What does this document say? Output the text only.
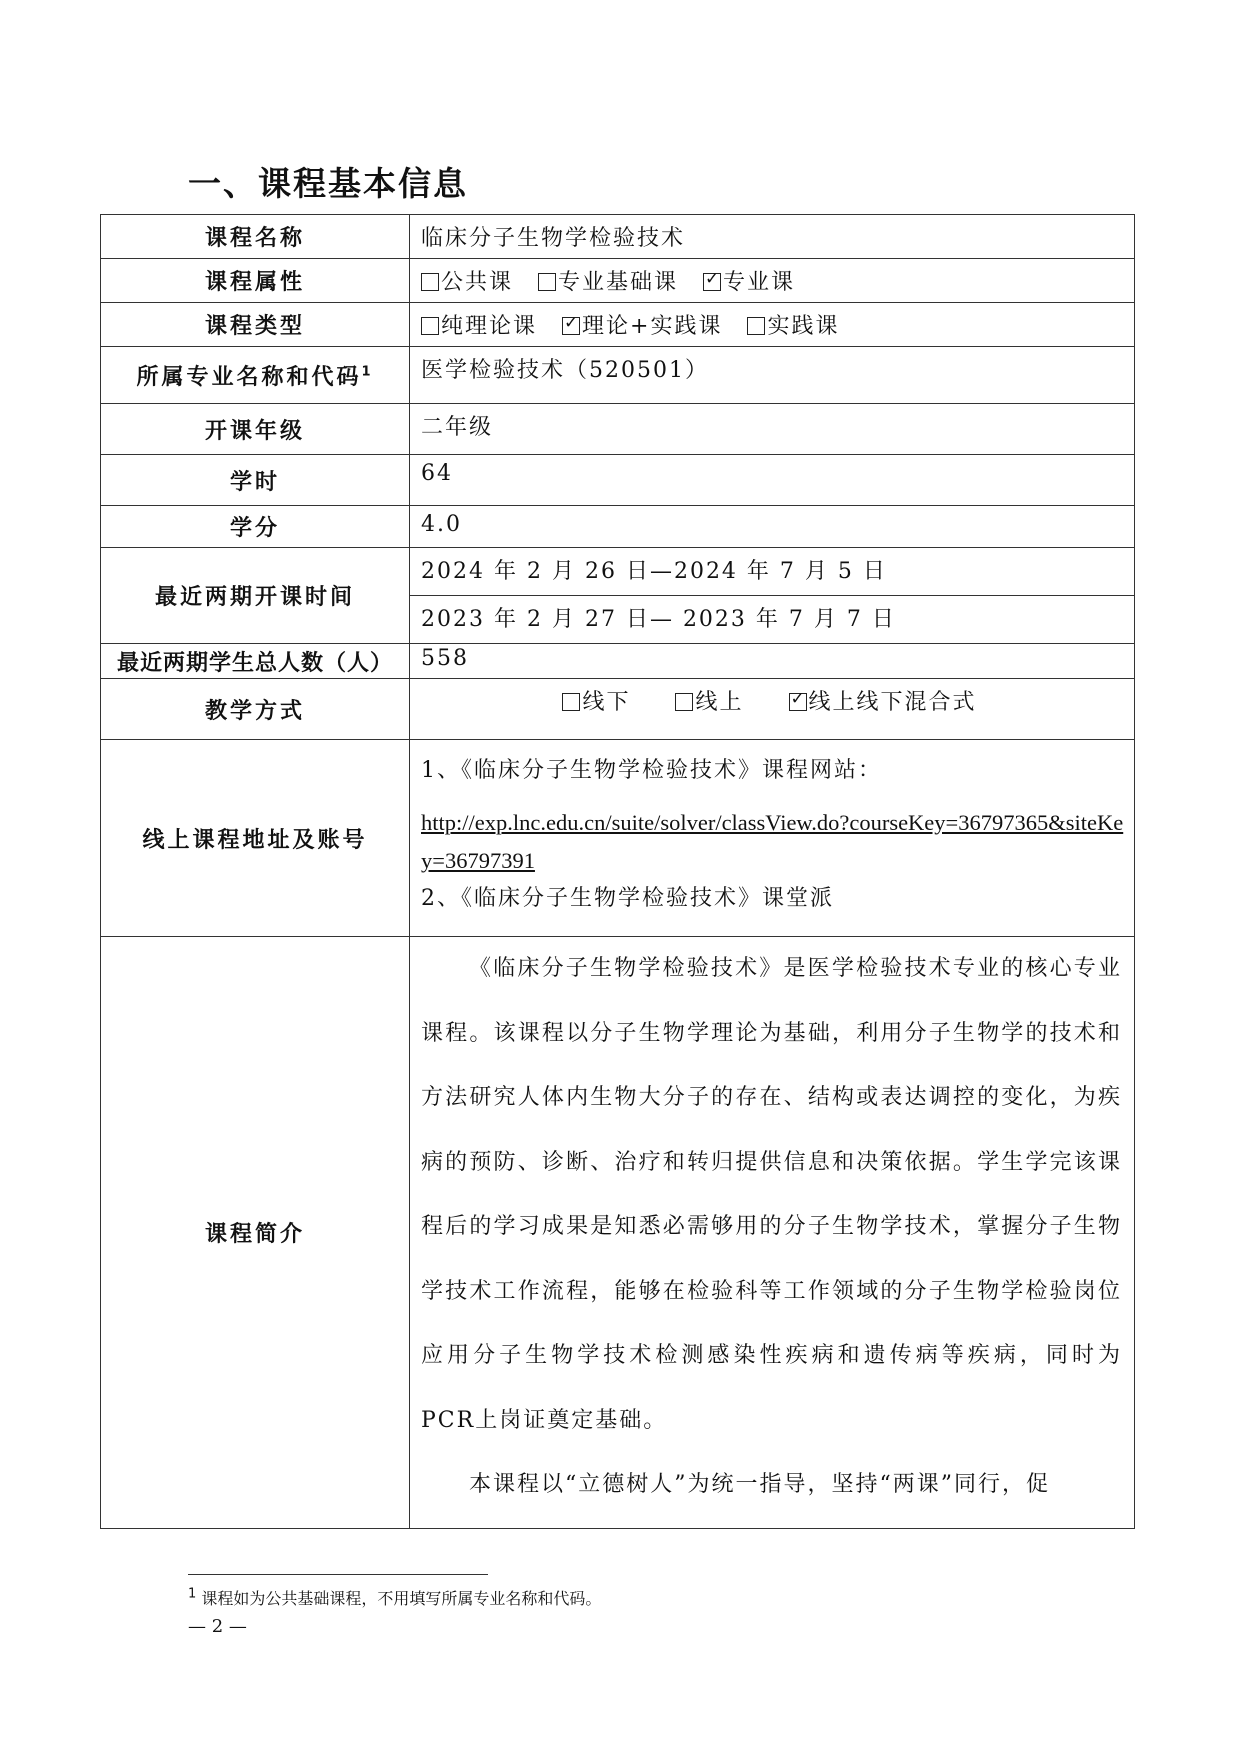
一、课程基本信息
课程名称	临床分子生物学检验技术
课程属性	公共课 专业基础课 ✓ 专业课
课程类型	纯理论课 ✓ 理论+实践课 实践课
所属专业名称和代码$^1$	医学检验技术（520501）
开课年级	二年级
学时	64
学分	4.0
最近两期开课时间	2024 年 2 月 26 日—2024 年 7 月 5 日
	2023 年 2 月 27 日— 2023 年 7 月 7 日
最近两期学生总人数（人）	558
教学方式	线下 线上 ✓ 线上线下混合式
线上课程地址及账号	1、《临床分子生物学检验技术》课程网站：
http://exp.lnc.edu.cn/suite/solver/classView.do?courseKey=36797365&siteKey=36797391
2、《临床分子生物学检验技术》课堂派

课程简介	《临床分子生物学检验技术》是医学检验技术专业的核心专业课程。该课程以分子生物学理论为基础，利用分子生物学的技术和方法研究人体内生物大分子的存在、结构或表达调控的变化，为疾病的预防、诊断、治疗和转归提供信息和决策依据。学生学完该课程后的学习成果是知悉必需够用的分子生物学技术，掌握分子生物学技术工作流程，能够在检验科等工作领域的分子生物学检验岗位应用分子生物学技术检测感染性疾病和遗传病等疾病，同时为PCR上岗证奠定基础。

本课程以“立德树人”为统一指导，坚持“两课”同行，促

$^1$ 课程如为公共基础课程，不用填写所属专业名称和代码。
— 2 —
